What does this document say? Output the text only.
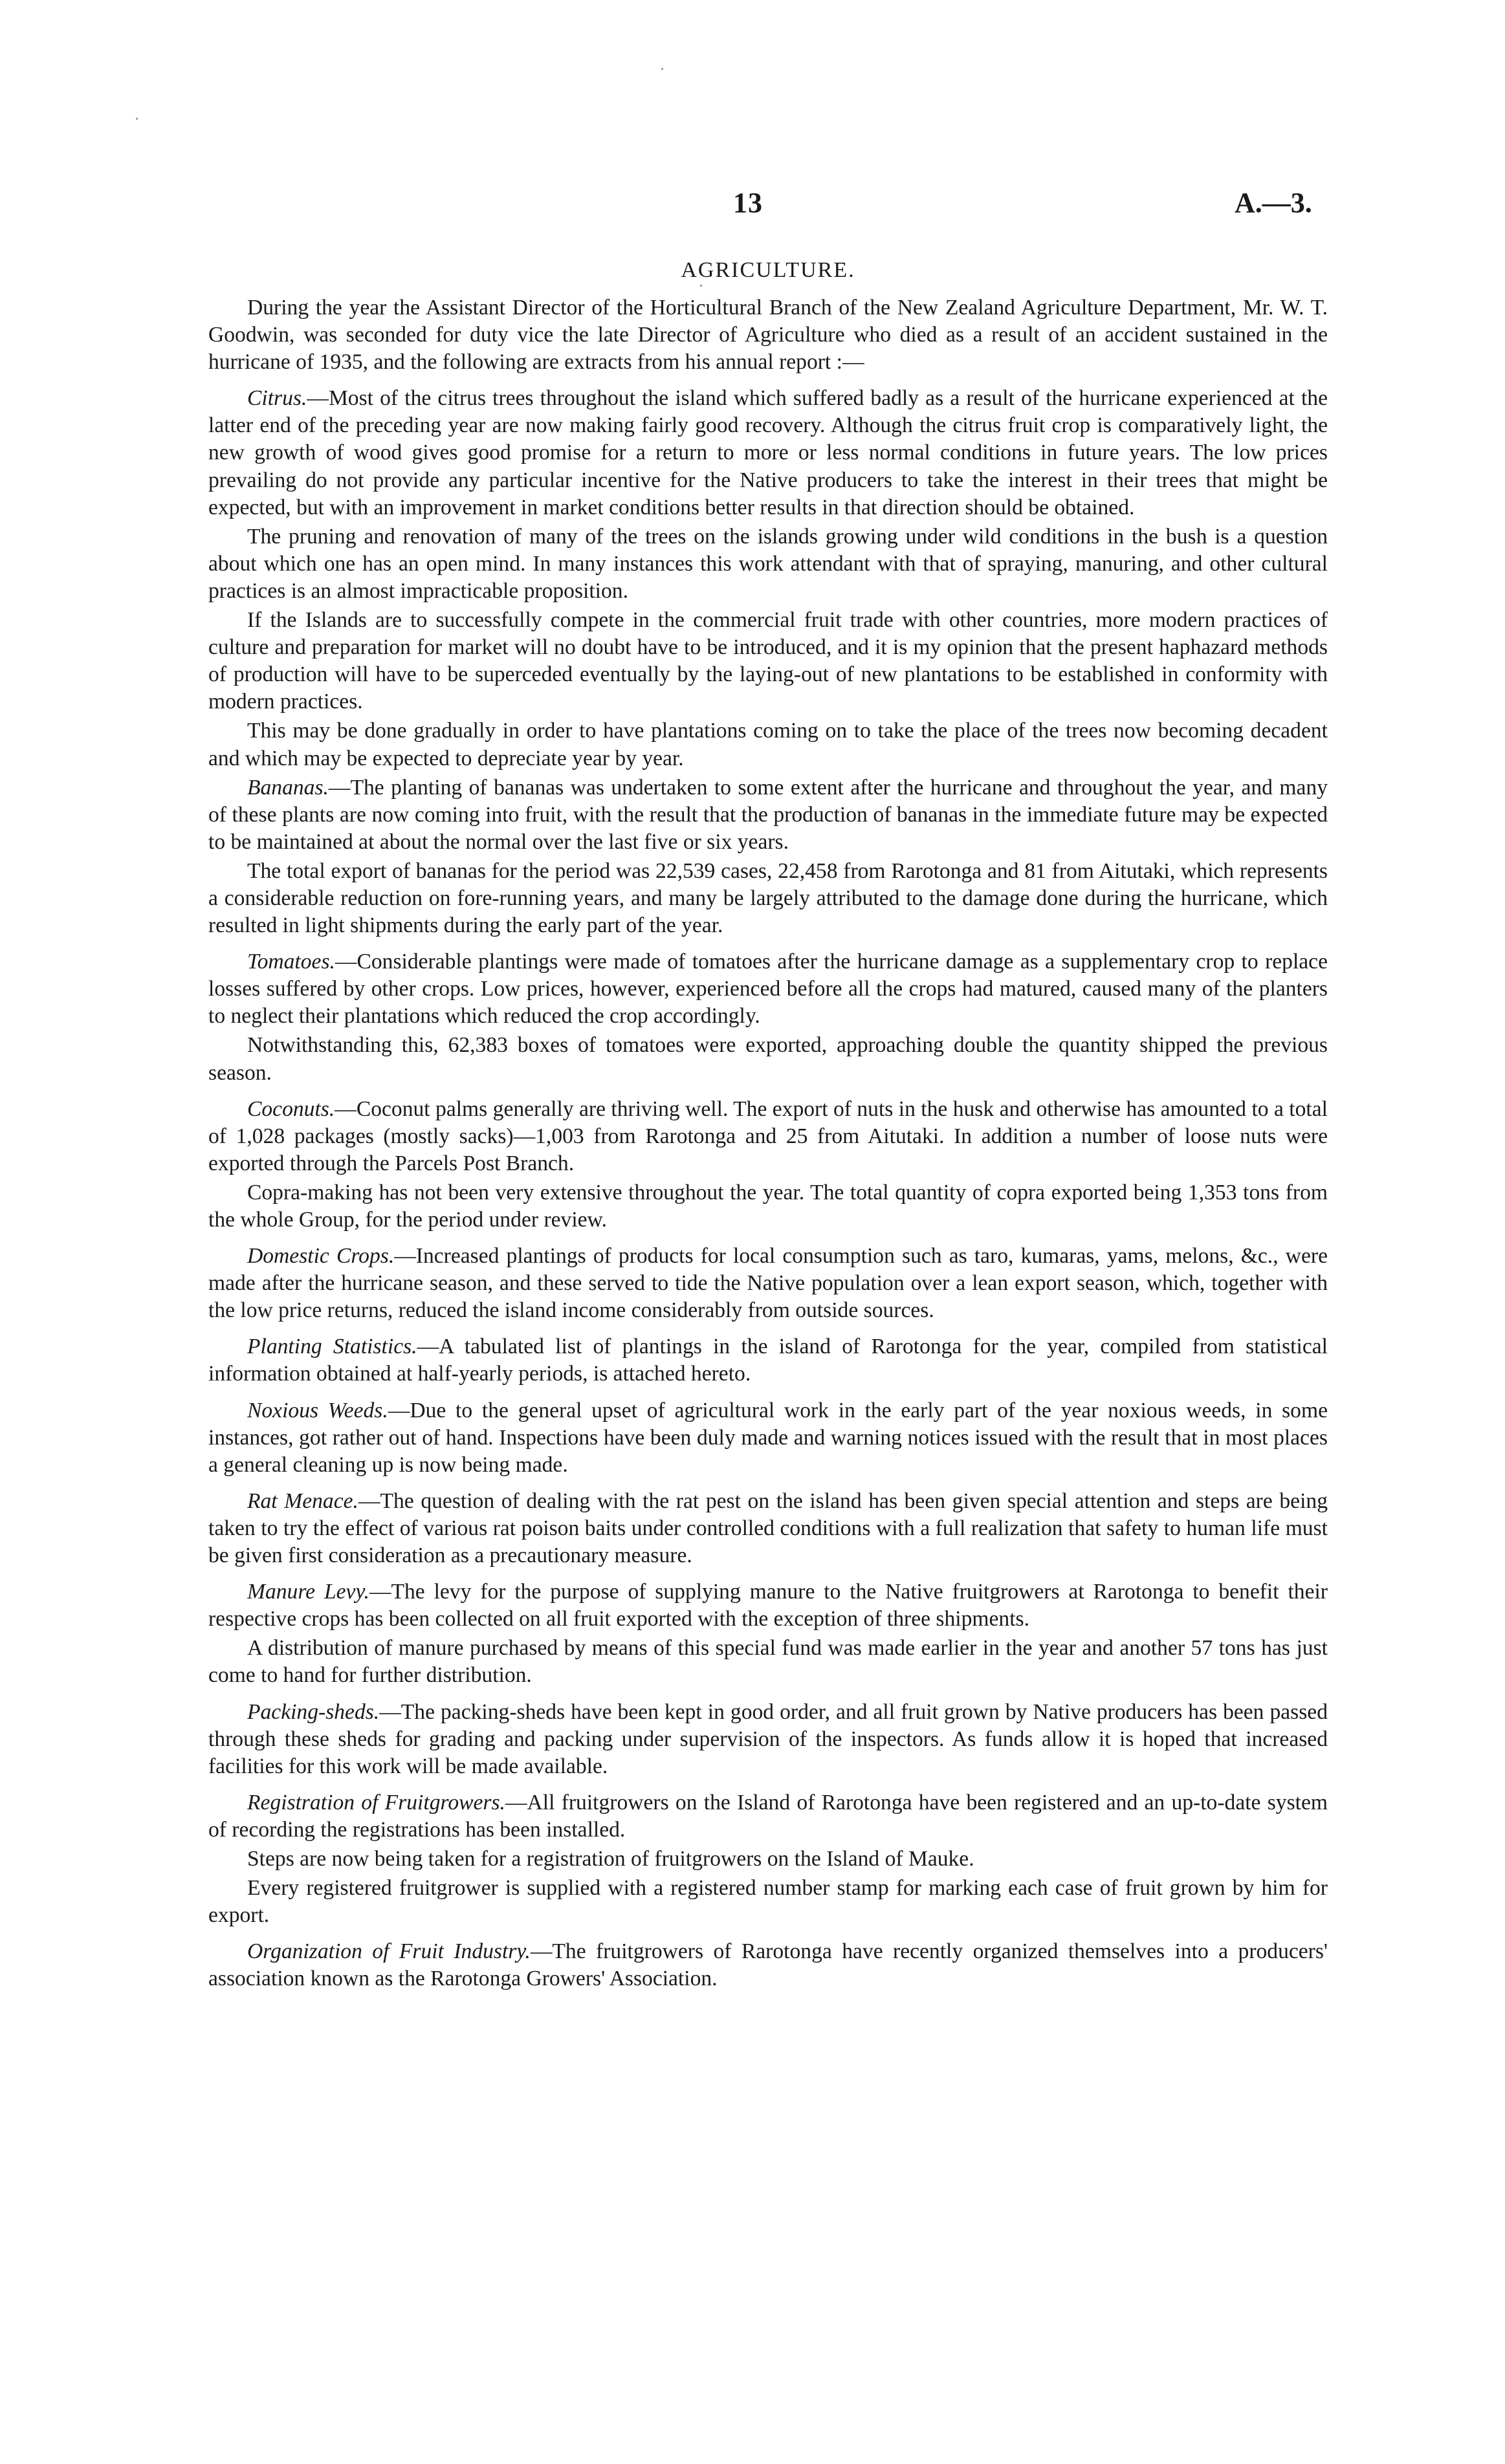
13	A.—3.
AGRICULTURE.

During the year the Assistant Director of the Horticultural Branch of the New Zealand Agriculture Department, Mr. W. T. Goodwin, was seconded for duty vice the late Director of Agriculture who died as a result of an accident sustained in the hurricane of 1935, and the following are extracts from his annual report :—

Citrus.—Most of the citrus trees throughout the island which suffered badly as a result of the hurricane experienced at the latter end of the preceding year are now making fairly good recovery. Although the citrus fruit crop is comparatively light, the new growth of wood gives good promise for a return to more or less normal conditions in future years. The low prices prevailing do not provide any particular incentive for the Native producers to take the interest in their trees that might be expected, but with an improvement in market conditions better results in that direction should be obtained.

The pruning and renovation of many of the trees on the islands growing under wild conditions in the bush is a question about which one has an open mind. In many instances this work attendant with that of spraying, manuring, and other cultural practices is an almost impracticable proposition.

If the Islands are to successfully compete in the commercial fruit trade with other countries, more modern practices of culture and preparation for market will no doubt have to be introduced, and it is my opinion that the present haphazard methods of production will have to be superceded eventually by the laying-out of new plantations to be established in conformity with modern practices.

This may be done gradually in order to have plantations coming on to take the place of the trees now becoming decadent and which may be expected to depreciate year by year.

Bananas.—The planting of bananas was undertaken to some extent after the hurricane and throughout the year, and many of these plants are now coming into fruit, with the result that the production of bananas in the immediate future may be expected to be maintained at about the normal over the last five or six years.

The total export of bananas for the period was 22,539 cases, 22,458 from Rarotonga and 81 from Aitutaki, which represents a considerable reduction on fore-running years, and many be largely attributed to the damage done during the hurricane, which resulted in light shipments during the early part of the year.

Tomatoes.—Considerable plantings were made of tomatoes after the hurricane damage as a supplementary crop to replace losses suffered by other crops. Low prices, however, experienced before all the crops had matured, caused many of the planters to neglect their plantations which reduced the crop accordingly.

Notwithstanding this, 62,383 boxes of tomatoes were exported, approaching double the quantity shipped the previous season.

Coconuts.—Coconut palms generally are thriving well. The export of nuts in the husk and otherwise has amounted to a total of 1,028 packages (mostly sacks)—1,003 from Rarotonga and 25 from Aitutaki. In addition a number of loose nuts were exported through the Parcels Post Branch.

Copra-making has not been very extensive throughout the year. The total quantity of copra exported being 1,353 tons from the whole Group, for the period under review.

Domestic Crops.—Increased plantings of products for local consumption such as taro, kumaras, yams, melons, &c., were made after the hurricane season, and these served to tide the Native population over a lean export season, which, together with the low price returns, reduced the island income considerably from outside sources.

Planting Statistics.—A tabulated list of plantings in the island of Rarotonga for the year, compiled from statistical information obtained at half-yearly periods, is attached hereto.

Noxious Weeds.—Due to the general upset of agricultural work in the early part of the year noxious weeds, in some instances, got rather out of hand. Inspections have been duly made and warning notices issued with the result that in most places a general cleaning up is now being made.

Rat Menace.—The question of dealing with the rat pest on the island has been given special attention and steps are being taken to try the effect of various rat poison baits under controlled conditions with a full realization that safety to human life must be given first consideration as a precautionary measure.

Manure Levy.—The levy for the purpose of supplying manure to the Native fruitgrowers at Rarotonga to benefit their respective crops has been collected on all fruit exported with the exception of three shipments.

A distribution of manure purchased by means of this special fund was made earlier in the year and another 57 tons has just come to hand for further distribution.

Packing-sheds.—The packing-sheds have been kept in good order, and all fruit grown by Native producers has been passed through these sheds for grading and packing under supervision of the inspectors. As funds allow it is hoped that increased facilities for this work will be made available.

Registration of Fruitgrowers.—All fruitgrowers on the Island of Rarotonga have been registered and an up-to-date system of recording the registrations has been installed.

Steps are now being taken for a registration of fruitgrowers on the Island of Mauke.

Every registered fruitgrower is supplied with a registered number stamp for marking each case of fruit grown by him for export.

Organization of Fruit Industry.—The fruitgrowers of Rarotonga have recently organized themselves into a producers' association known as the Rarotonga Growers' Association.
